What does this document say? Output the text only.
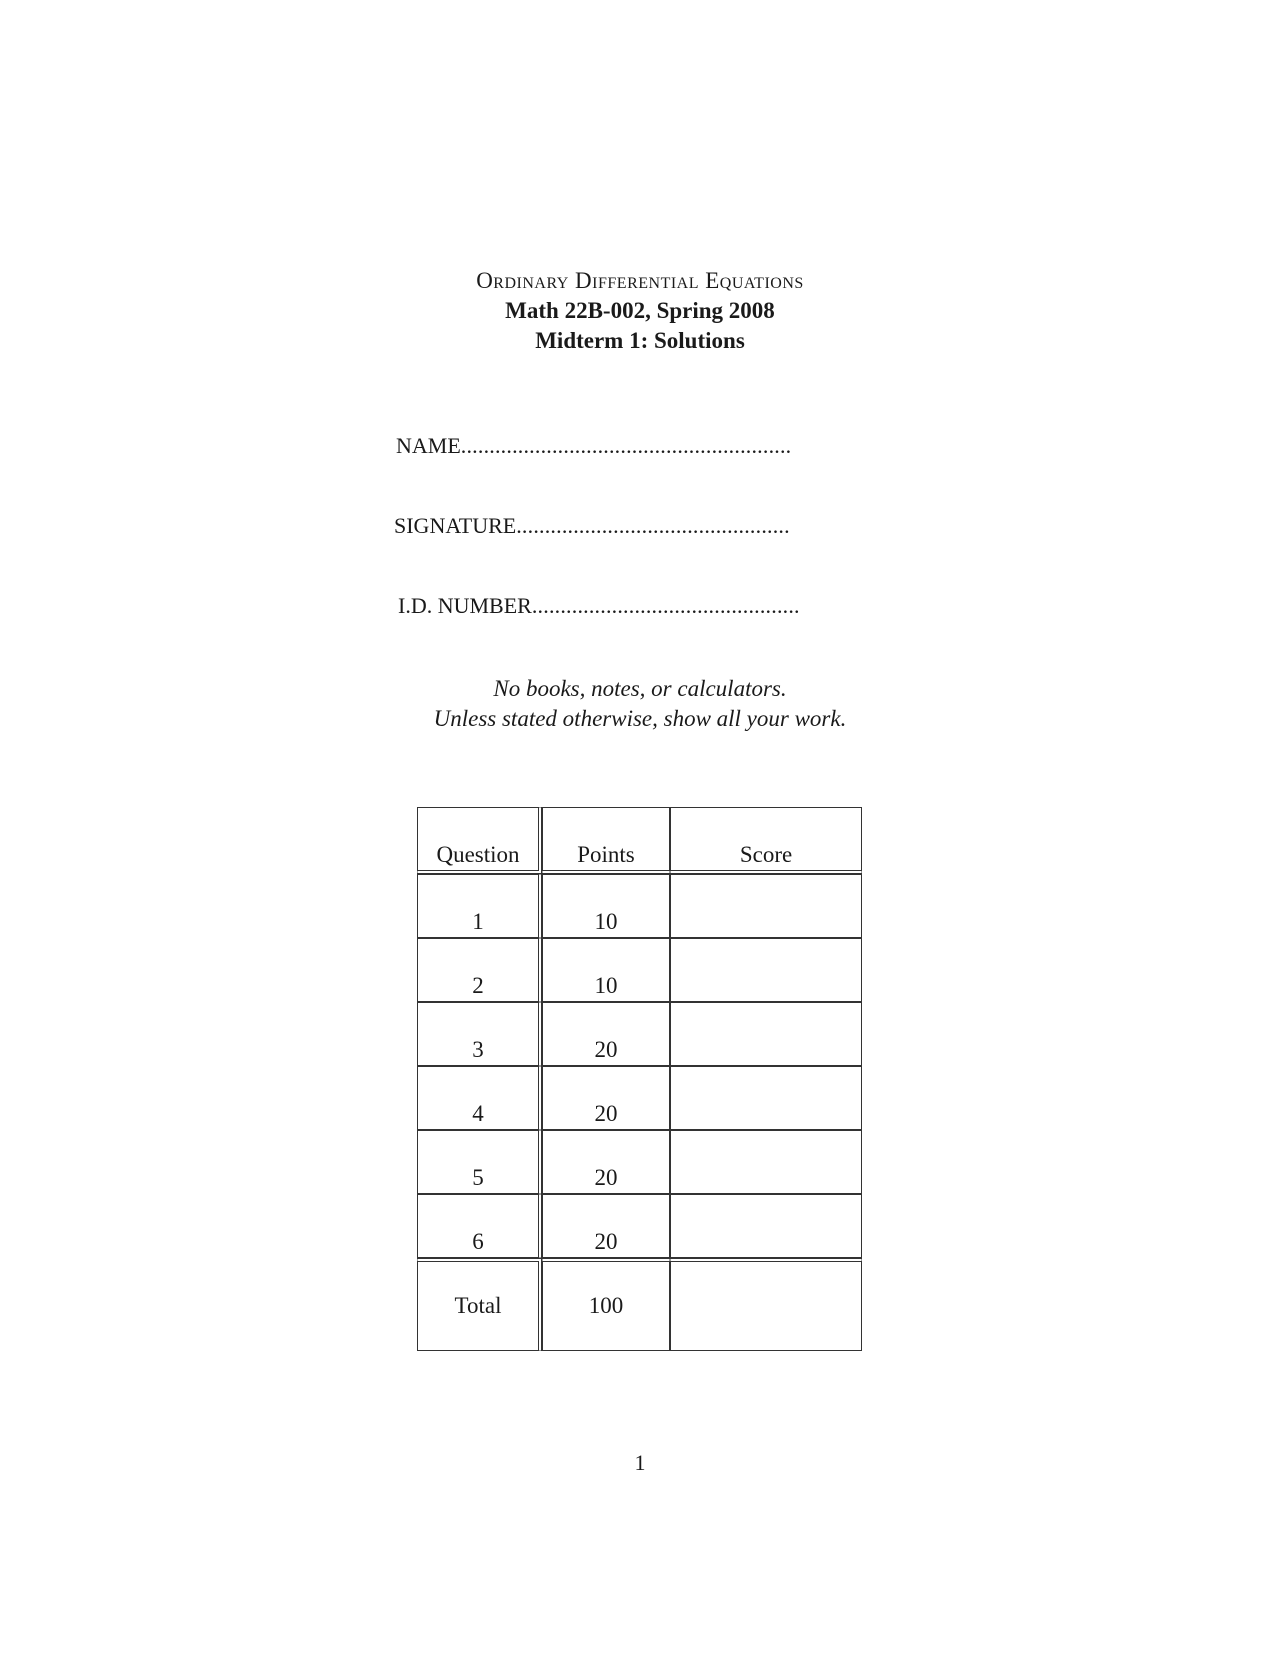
Ordinary Differential Equations
Math 22B-002, Spring 2008
Midterm 1: Solutions
NAME..........................................................
SIGNATURE................................................
I.D. NUMBER...............................................
No books, notes, or calculators.
Unless stated otherwise, show all your work.
Question	Points	Score
1	10	
2	10	
3	20	
4	20	
5	20	
6	20	
Total	100	
1
